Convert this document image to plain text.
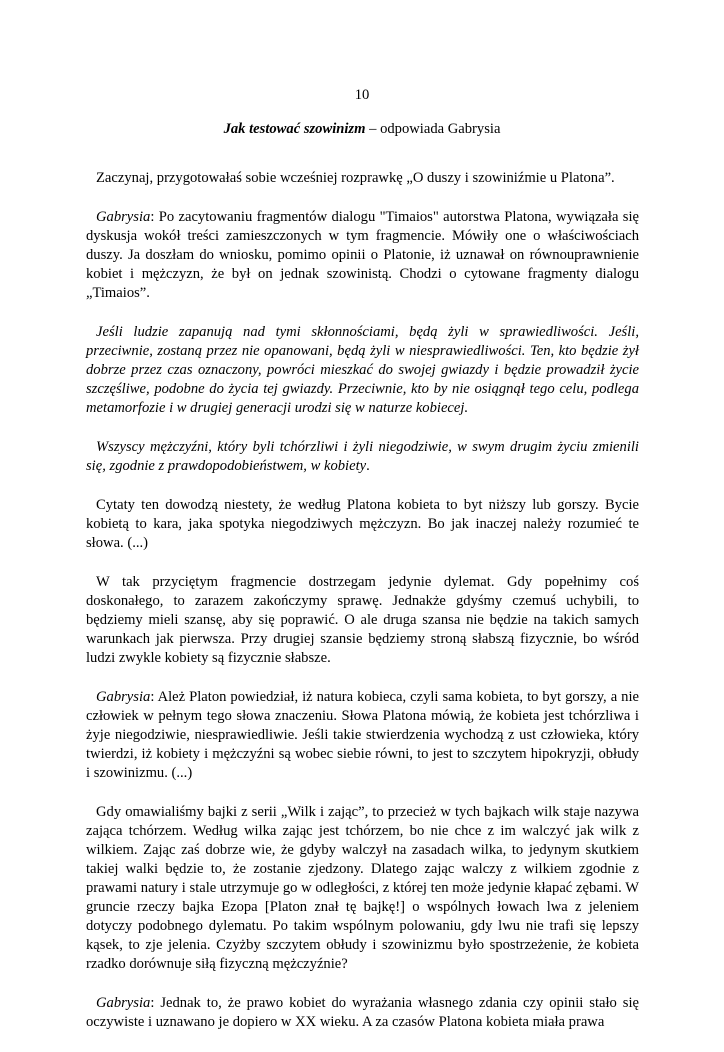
10
Jak testować szowinizm – odpowiada Gabrysia

Zaczynaj, przygotowałaś sobie wcześniej rozprawkę „O duszy i szowiniźmie u Platona”.

Gabrysia: Po zacytowaniu fragmentów dialogu "Timaios" autorstwa Platona, wywiązała się dyskusja wokół treści zamieszczonych w tym fragmencie. Mówiły one o właściwościach duszy. Ja doszłam do wniosku, pomimo opinii o Platonie, iż uznawał on równouprawnienie kobiet i mężczyzn, że był on jednak szowinistą. Chodzi o cytowane fragmenty dialogu „Timaios”.

Jeśli ludzie zapanują nad tymi skłonnościami, będą żyli w sprawiedliwości. Jeśli, przeciwnie, zostaną przez nie opanowani, będą żyli w niesprawiedliwości. Ten, kto będzie żył dobrze przez czas oznaczony, powróci mieszkać do swojej gwiazdy i będzie prowadził życie szczęśliwe, podobne do życia tej gwiazdy. Przeciwnie, kto by nie osiągnął tego celu, podlega metamorfozie i w drugiej generacji urodzi się w naturze kobiecej.

Wszyscy mężczyźni, który byli tchórzliwi i żyli niegodziwie, w swym drugim życiu zmienili się, zgodnie z prawdopodobieństwem, w kobiety.

Cytaty ten dowodzą niestety, że według Platona kobieta to byt niższy lub gorszy. Bycie kobietą to kara, jaka spotyka niegodziwych mężczyzn. Bo jak inaczej należy rozumieć te słowa. (...)

W tak przyciętym fragmencie dostrzegam jedynie dylemat. Gdy popełnimy coś doskonałego, to zarazem zakończymy sprawę. Jednakże gdyśmy czemuś uchybili, to będziemy mieli szansę, aby się poprawić. O ale druga szansa nie będzie na takich samych warunkach jak pierwsza. Przy drugiej szansie będziemy stroną słabszą fizycznie, bo wśród ludzi zwykle kobiety są fizycznie słabsze.

Gabrysia: Ależ Platon powiedział, iż natura kobieca, czyli sama kobieta, to byt gorszy, a nie człowiek w pełnym tego słowa znaczeniu. Słowa Platona mówią, że kobieta jest tchórzliwa i żyje niegodziwie, niesprawiedliwie. Jeśli takie stwierdzenia wychodzą z ust człowieka, który twierdzi, iż kobiety i mężczyźni są wobec siebie równi, to jest to szczytem hipokryzji, obłudy i szowinizmu. (...)

Gdy omawialiśmy bajki z serii „Wilk i zając”, to przecież w tych bajkach wilk staje nazywa zająca tchórzem. Według wilka zając jest tchórzem, bo nie chce z im walczyć jak wilk z wilkiem. Zając zaś dobrze wie, że gdyby walczył na zasadach wilka, to jedynym skutkiem takiej walki będzie to, że zostanie zjedzony. Dlatego zając walczy z wilkiem zgodnie z prawami natury i stale utrzymuje go w odległości, z której ten może jedynie kłapać zębami. W gruncie rzeczy bajka Ezopa [Platon znał tę bajkę!] o wspólnych łowach lwa z jeleniem dotyczy podobnego dylematu. Po takim wspólnym polowaniu, gdy lwu nie trafi się lepszy kąsek, to zje jelenia. Czyżby szczytem obłudy i szowinizmu było spostrzeżenie, że kobieta rzadko dorównuje siłą fizyczną mężczyźnie?

Gabrysia: Jednak to, że prawo kobiet do wyrażania własnego zdania czy opinii stało się oczywiste i uznawano je dopiero w XX wieku. A za czasów Platona kobieta miała prawa
